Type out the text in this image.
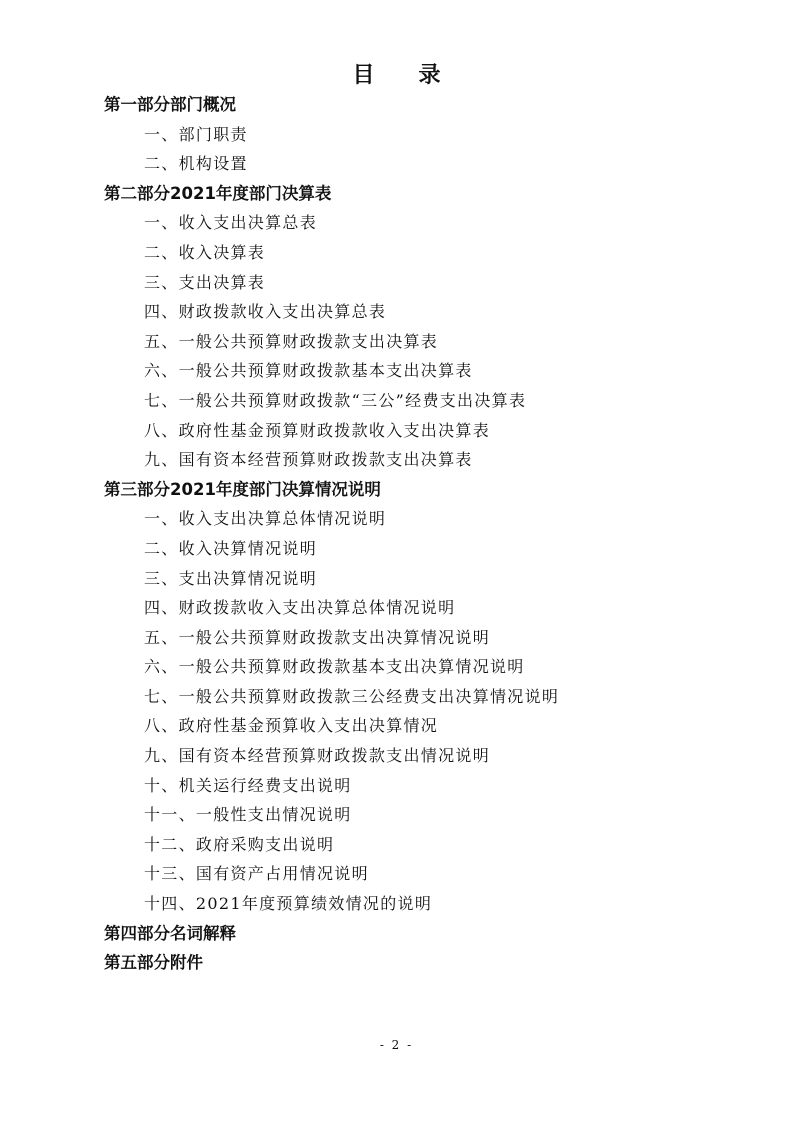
目　　录
第一部分部门概况
一、部门职责
二、机构设置
第二部分2021年度部门决算表
一、收入支出决算总表
二、收入决算表
三、支出决算表
四、财政拨款收入支出决算总表
五、一般公共预算财政拨款支出决算表
六、一般公共预算财政拨款基本支出决算表
七、一般公共预算财政拨款“三公”经费支出决算表
八、政府性基金预算财政拨款收入支出决算表
九、国有资本经营预算财政拨款支出决算表
第三部分2021年度部门决算情况说明
一、收入支出决算总体情况说明
二、收入决算情况说明
三、支出决算情况说明
四、财政拨款收入支出决算总体情况说明
五、一般公共预算财政拨款支出决算情况说明
六、一般公共预算财政拨款基本支出决算情况说明
七、一般公共预算财政拨款三公经费支出决算情况说明
八、政府性基金预算收入支出决算情况
九、国有资本经营预算财政拨款支出情况说明
十、机关运行经费支出说明
十一、一般性支出情况说明
十二、政府采购支出说明
十三、国有资产占用情况说明
十四、2021年度预算绩效情况的说明
第四部分名词解释
第五部分附件
- 2 -
